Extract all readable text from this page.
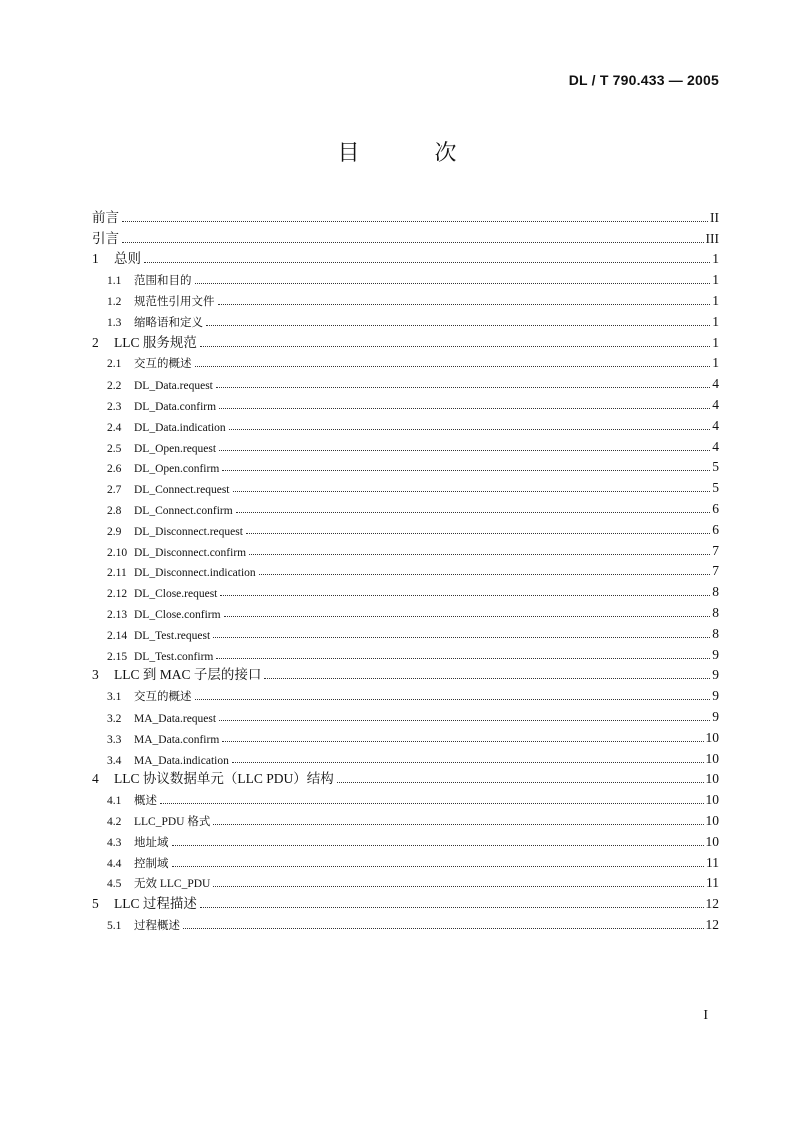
DL / T 790.433 — 2005
目 次
前言	II
引言	III
1	总则	1
1.1	范围和目的	1
1.2	规范性引用文件	1
1.3	缩略语和定义	1
2	LLC 服务规范	1
2.1	交互的概述	1
2.2	DL_Data.request	4
2.3	DL_Data.confirm	4
2.4	DL_Data.indication	4
2.5	DL_Open.request	4
2.6	DL_Open.confirm	5
2.7	DL_Connect.request	5
2.8	DL_Connect.confirm	6
2.9	DL_Disconnect.request	6
2.10 DL_Disconnect.confirm	7
2.11 DL_Disconnect.indication	7
2.12 DL_Close.request	8
2.13 DL_Close.confirm	8
2.14 DL_Test.request	8
2.15 DL_Test.confirm	9
3	LLC 到 MAC 子层的接口	9
3.1	交互的概述	9
3.2	MA_Data.request	9
3.3	MA_Data.confirm	10
3.4	MA_Data.indication	10
4	LLC 协议数据单元（LLC PDU）结构	10
4.1	概述	10
4.2	LLC_PDU 格式	10
4.3	地址域	10
4.4	控制域	11
4.5	无效 LLC_PDU	11
5	LLC 过程描述	12
5.1	过程概述	12
I
